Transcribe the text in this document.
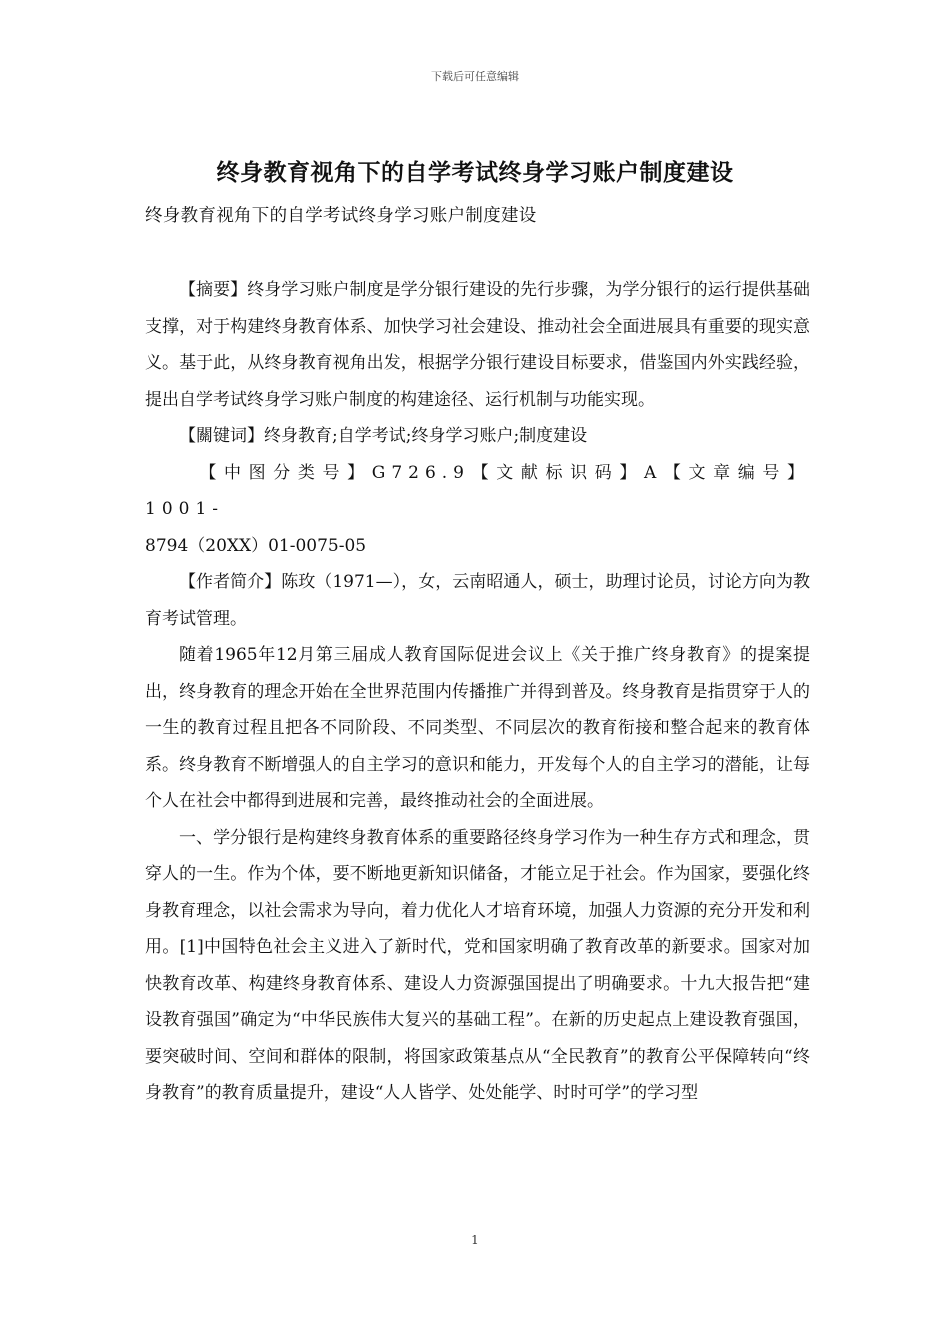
下载后可任意编辑
终身教育视角下的自学考试终身学习账户制度建设
终身教育视角下的自学考试终身学习账户制度建设

【摘要】终身学习账户制度是学分银行建设的先行步骤，为学分银行的运行提供基础支撑，对于构建终身教育体系、加快学习社会建设、推动社会全面进展具有重要的现实意义。基于此，从终身教育视角出发，根据学分银行建设目标要求，借鉴国内外实践经验，提出自学考试终身学习账户制度的构建途径、运行机制与功能实现。

【關键词】终身教育;自学考试;终身学习账户;制度建设

【中图分类号】G726.9【文献标识码】A【文章编号】1001-

8794（20XX）01-0075-05

【作者简介】陈玫（1971—），女，云南昭通人，硕士，助理讨论员，讨论方向为教育考试管理。

随着1965年12月第三届成人教育国际促进会议上《关于推广终身教育》的提案提出，终身教育的理念开始在全世界范围内传播推广并得到普及。终身教育是指贯穿于人的一生的教育过程且把各不同阶段、不同类型、不同层次的教育衔接和整合起来的教育体系。终身教育不断增强人的自主学习的意识和能力，开发每个人的自主学习的潜能，让每个人在社会中都得到进展和完善，最终推动社会的全面进展。

一、学分银行是构建终身教育体系的重要路径终身学习作为一种生存方式和理念，贯穿人的一生。作为个体，要不断地更新知识储备，才能立足于社会。作为国家，要强化终身教育理念，以社会需求为导向，着力优化人才培育环境，加强人力资源的充分开发和利用。[1]中国特色社会主义进入了新时代，党和国家明确了教育改革的新要求。国家对加快教育改革、构建终身教育体系、建设人力资源强国提出了明确要求。十九大报告把“建设教育强国”确定为“中华民族伟大复兴的基础工程”。在新的历史起点上建设教育强国，要突破时间、空间和群体的限制，将国家政策基点从“全民教育”的教育公平保障转向“终身教育”的教育质量提升，建设“人人皆学、处处能学、时时可学”的学习型

1
